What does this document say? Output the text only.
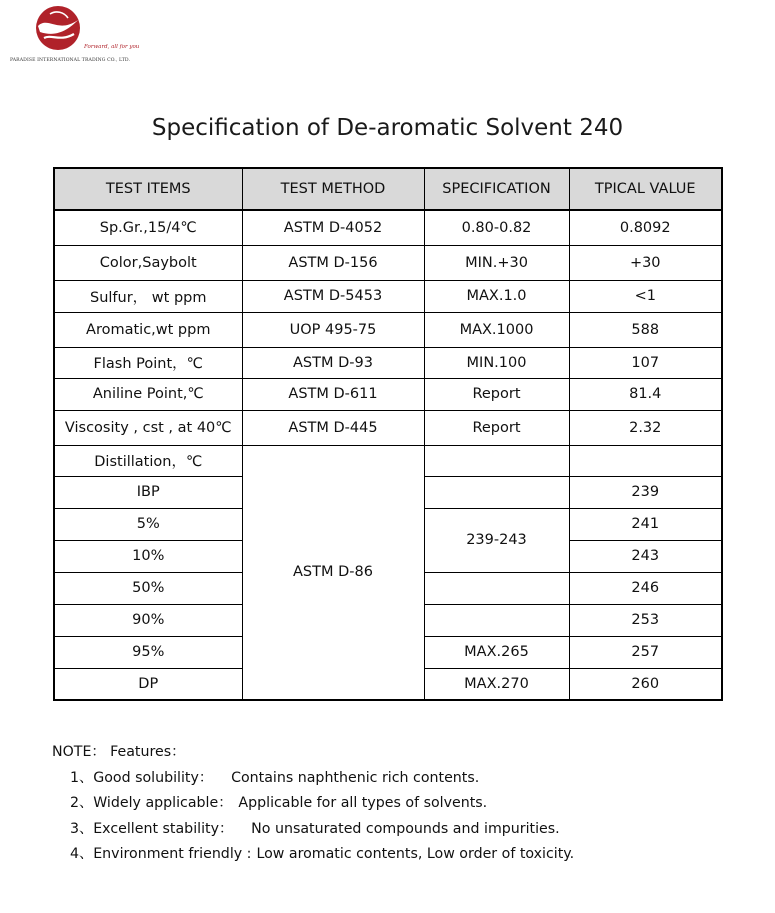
Forward, all for you
PARADISE INTERNATIONAL TRADING CO., LTD.
Specification of De-aromatic Solvent 240
TEST ITEMS	TEST METHOD	SPECIFICATION	TPICAL VALUE
Sp.Gr.,15/4℃	ASTM D-4052	0.80-0.82	0.8092
Color,Saybolt	ASTM D-156	MIN.+30	+30
Sulfur， wt ppm	ASTM D-5453	MAX.1.0	<1
Aromatic,wt ppm	UOP 495-75	MAX.1000	588
Flash Point，℃	ASTM D-93	MIN.100	107
Aniline Point,℃	ASTM D-611	Report	81.4
Viscosity , cst , at 40℃	ASTM D-445	Report	2.32
Distillation，℃	ASTM D-86		
IBP			239
5%		239-243	241
10%			243
50%			246
90%			253
95%		MAX.265	257
DP		MAX.270	260

NOTE： Features：

1、Good solubility： Contains naphthenic rich contents.

2、Widely applicable： Applicable for all types of solvents.

3、Excellent stability： No unsaturated compounds and impurities.

4、Environment friendly : Low aromatic contents, Low order of toxicity.
